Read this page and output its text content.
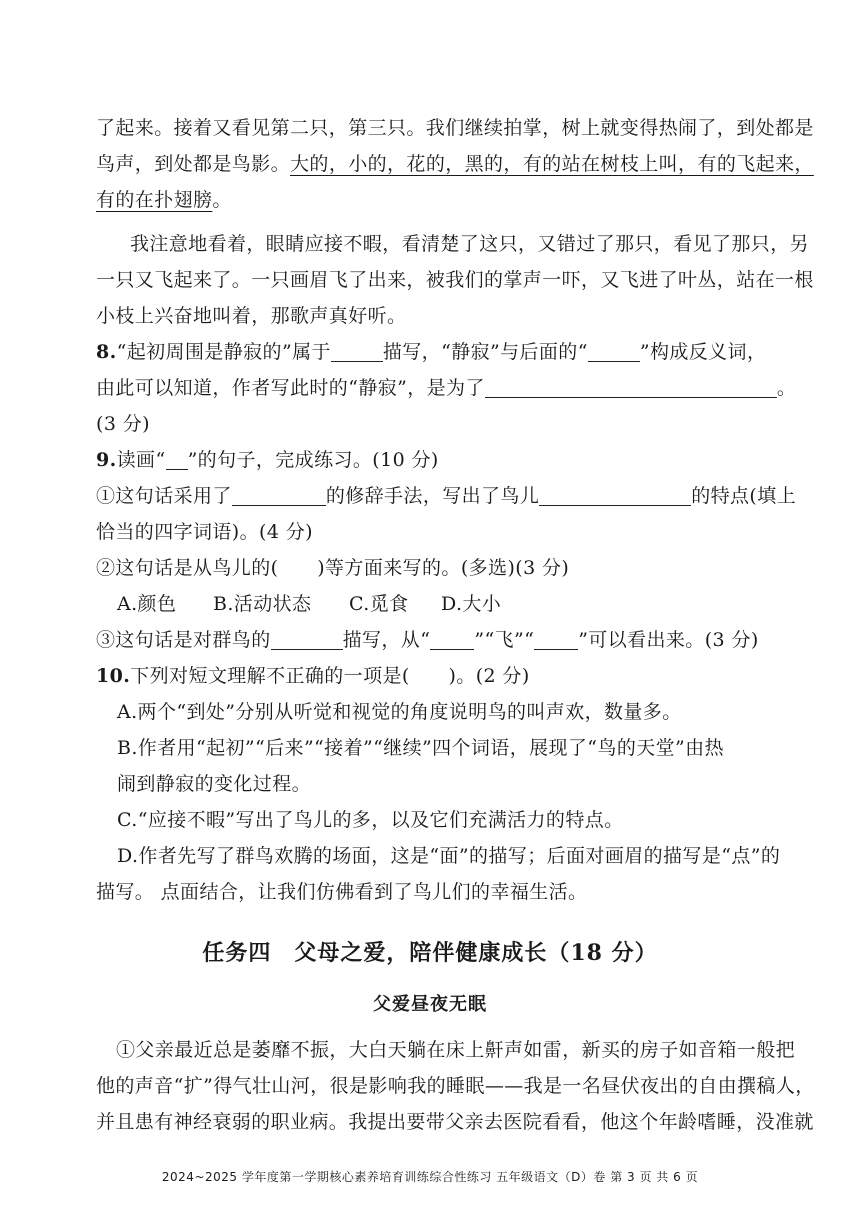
了起来。接着又看见第二只，第三只。我们继续拍掌，树上就变得热闹了，到处都是

鸟声，到处都是鸟影。大的，小的，花的，黑的，有的站在树枝上叫，有的飞起来，

有的在扑翅膀。

我注意地看着，眼睛应接不暇，看清楚了这只，又错过了那只，看见了那只，另

一只又飞起来了。一只画眉飞了出来，被我们的掌声一吓，又飞进了叶丛，站在一根

小枝上兴奋地叫着，那歌声真好听。

8.“起初周围是静寂的”属于	描写，“静寂”与后面的“	”构成反义词，

由此可以知道，作者写此时的“静寂”，是为了	。

(3 分)

9.读画“ ”的句子，完成练习。(10 分)

①这句话采用了	的修辞手法，写出了鸟儿	的特点(填上

恰当的四字词语)。(4 分)

②这句话是从鸟儿的(　　)等方面来写的。(多选)(3 分)

A.颜色 B.活动状态 C.觅食 D.大小

③这句话是对群鸟的	描写，从“ ”“飞”“ ”可以看出来。(3 分)

10.下列对短文理解不正确的一项是(　　)。(2 分)

A.两个“到处”分别从听觉和视觉的角度说明鸟的叫声欢，数量多。

B.作者用“起初”“后来”“接着”“继续”四个词语，展现了“鸟的天堂”由热

闹到静寂的变化过程。

C.“应接不暇”写出了鸟儿的多，以及它们充满活力的特点。

D.作者先写了群鸟欢腾的场面，这是“面”的描写；后面对画眉的描写是“点”的

描写。 点面结合，让我们仿佛看到了鸟儿们的幸福生活。

任务四　父母之爱，陪伴健康成长（18 分）
父爱昼夜无眠

①父亲最近总是萎靡不振，大白天躺在床上鼾声如雷，新买的房子如音箱一般把

他的声音“扩”得气壮山河，很是影响我的睡眠——我是一名昼伏夜出的自由撰稿人，

并且患有神经衰弱的职业病。我提出要带父亲去医院看看，他这个年龄嗜睡，没准就

2024~2025 学年度第一学期核心素养培育训练综合性练习 五年级语文（D）卷 第 3 页 共 6 页
